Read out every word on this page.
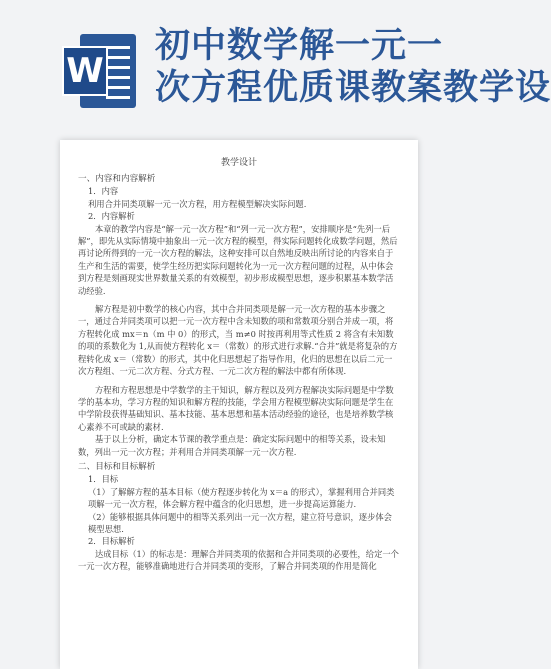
W
初中数学解一元一
次方程优质课教案教学设
教学设计
一、内容和内容解析
1．内容
利用合并同类项解一元一次方程，用方程模型解决实际问题.
2．内容解析
本章的教学内容是“解一元一次方程”和“列一元一次方程”，安排顺序是“先列一后解”，即先从实际情境中抽象出一元一次方程的模型，得实际问题转化成数学问题，然后再讨论所得到的一元一次方程的解法，这种安排可以自然地反映出所讨论的内容来自于生产和生活的需要，使学生经历把实际问题转化为一元一次方程问题的过程，从中体会到方程是刻画现实世界数量关系的有效模型，初步形成模型思想，逐步积累基本数学活动经验.
解方程是初中数学的核心内容，其中合并同类项是解一元一次方程的基本步骤之一，通过合并同类项可以把一元一次方程中含未知数的项和常数项分别合并成一项，将方程转化成 mx＝n（m 中 0）的形式，当 m≠0 时按再利用等式性质 2 将含有未知数的项的系数化为 1,从而使方程转化 x＝（常数）的形式进行求解.“合并”就是将复杂的方程转化成 x＝（常数）的形式，其中化归思想起了指导作用，化归的思想在以后二元一次方程组、一元二次方程、分式方程、一元二次方程的解法中都有所体现.
方程和方程思想是中学数学的主干知识，解方程以及列方程解决实际问题是中学数学的基本功，学习方程的知识和解方程的技能，学会用方程模型解决实际问题是学生在中学阶段获得基础知识、基本技能、基本思想和基本活动经验的途径，也是培养数学核心素养不可或缺的素材.
基于以上分析，确定本节课的教学重点是：确定实际问题中的相等关系，设未知数，列出一元一次方程；并利用合并同类项解一元一次方程.
二、目标和目标解析
1．目标
（1）了解解方程的基本目标（使方程逐步转化为 x＝a 的形式），掌握利用合并同类项解一元一次方程，体会解方程中蕴含的化归思想，进一步提高运算能力.
（2）能够根据具体问题中的相等关系列出一元一次方程，建立符号意识，逐步体会模型思想.
2．目标解析
达成目标（1）的标志是：理解合并同类项的依据和合并同类项的必要性，给定一个一元一次方程，能够准确地进行合并同类项的变形，了解合并同类项的作用是简化
